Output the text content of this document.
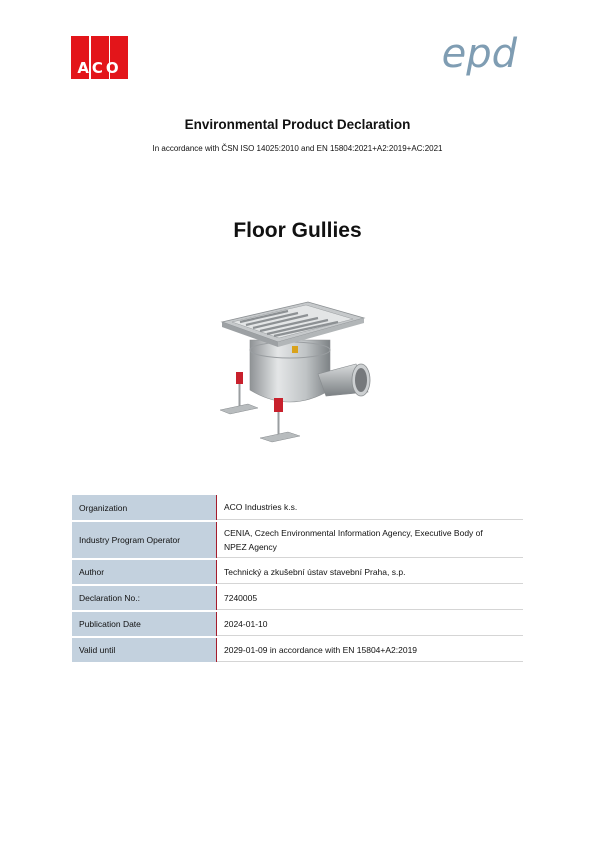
ACO	epd
Environmental Product Declaration
In accordance with ČSN ISO 14025:2010 and EN 15804:2021+A2:2019+AC:2021
Floor Gullies
Organization	ACO Industries k.s.
Industry Program Operator	CENIA, Czech Environmental Information Agency, Executive Body of NPEZ Agency
Author	Technický a zkušební ústav stavební Praha, s.p.
Declaration No.:	7240005
Publication Date	2024-01-10
Valid until	2029-01-09 in accordance with EN 15804+A2:2019
